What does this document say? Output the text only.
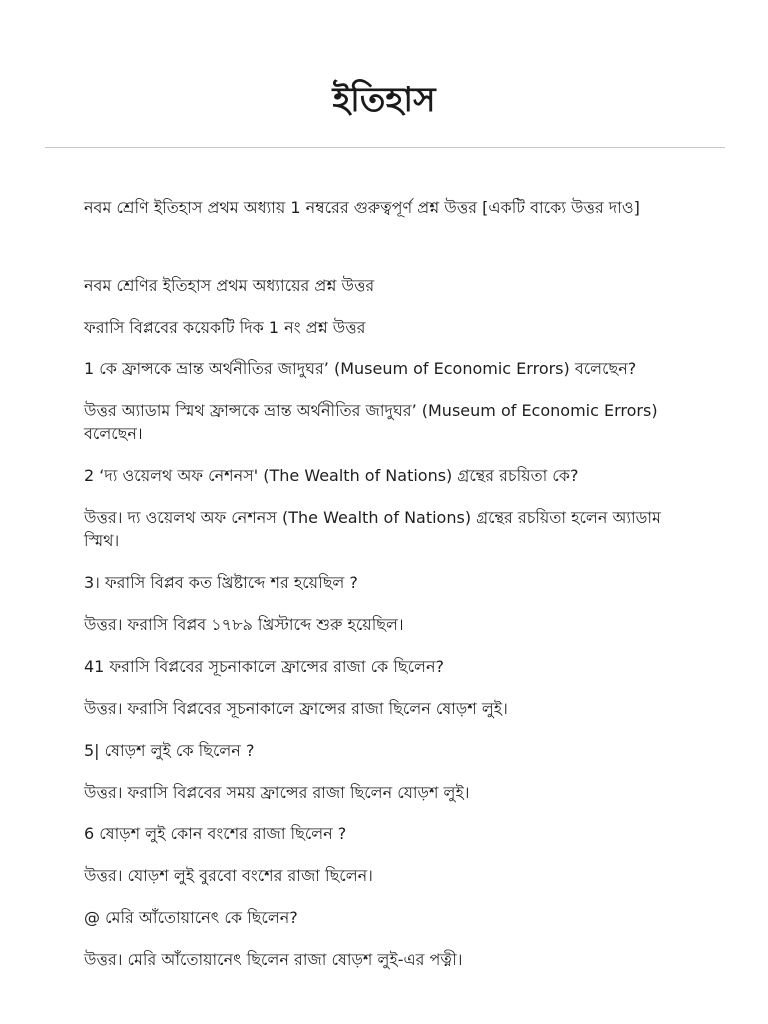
ইতিহাস

নবম শ্রেণি ইতিহাস প্রথম অধ্যায় 1 নম্বরের গুরুত্বপূর্ণ প্রশ্ন উত্তর [একটি বাক্যে উত্তর দাও]

নবম শ্রেণির ইতিহাস প্রথম অধ্যায়ের প্রশ্ন উত্তর

ফরাসি বিপ্লবের কয়েকটি দিক 1 নং প্রশ্ন উত্তর

1 কে ফ্রান্সকে ভ্রান্ত অর্থনীতির জাদুঘর’ (Museum of Economic Errors) বলেছেন?

উত্তর অ্যাডাম স্মিথ ফ্রান্সকে ভ্রান্ত অর্থনীতির জাদুঘর’ (Museum of Economic Errors) বলেছেন।

2 ‘দ্য ওয়েলথ অফ নেশনস' (The Wealth of Nations) গ্রন্থের রচয়িতা কে?

উত্তর। দ্য ওয়েলথ অফ নেশনস (The Wealth of Nations) গ্রন্থের রচয়িতা হলেন অ্যাডাম স্মিথ।

3। ফরাসি বিপ্লব কত খ্রিষ্টাব্দে শর হয়েছিল ?

উত্তর। ফরাসি বিপ্লব ১৭৮৯ খ্রিস্টাব্দে শুরু হয়েছিল।

41 ফরাসি বিপ্লবের সূচনাকালে ফ্রান্সের রাজা কে ছিলেন?

উত্তর। ফরাসি বিপ্লবের সূচনাকালে ফ্রান্সের রাজা ছিলেন ষোড়শ লুই।

5| ষোড়শ লুই কে ছিলেন ?

উত্তর। ফরাসি বিপ্লবের সময় ফ্রান্সের রাজা ছিলেন যোড়শ লুই।

6 ষোড়শ লুই কোন বংশের রাজা ছিলেন ?

উত্তর। যোড়শ লুই বুরবো বংশের রাজা ছিলেন।

@ মেরি আঁতোয়ানেৎ কে ছিলেন?

উত্তর। মেরি আঁতোয়ানেৎ ছিলেন রাজা ষোড়শ লুই-এর পত্নী।
